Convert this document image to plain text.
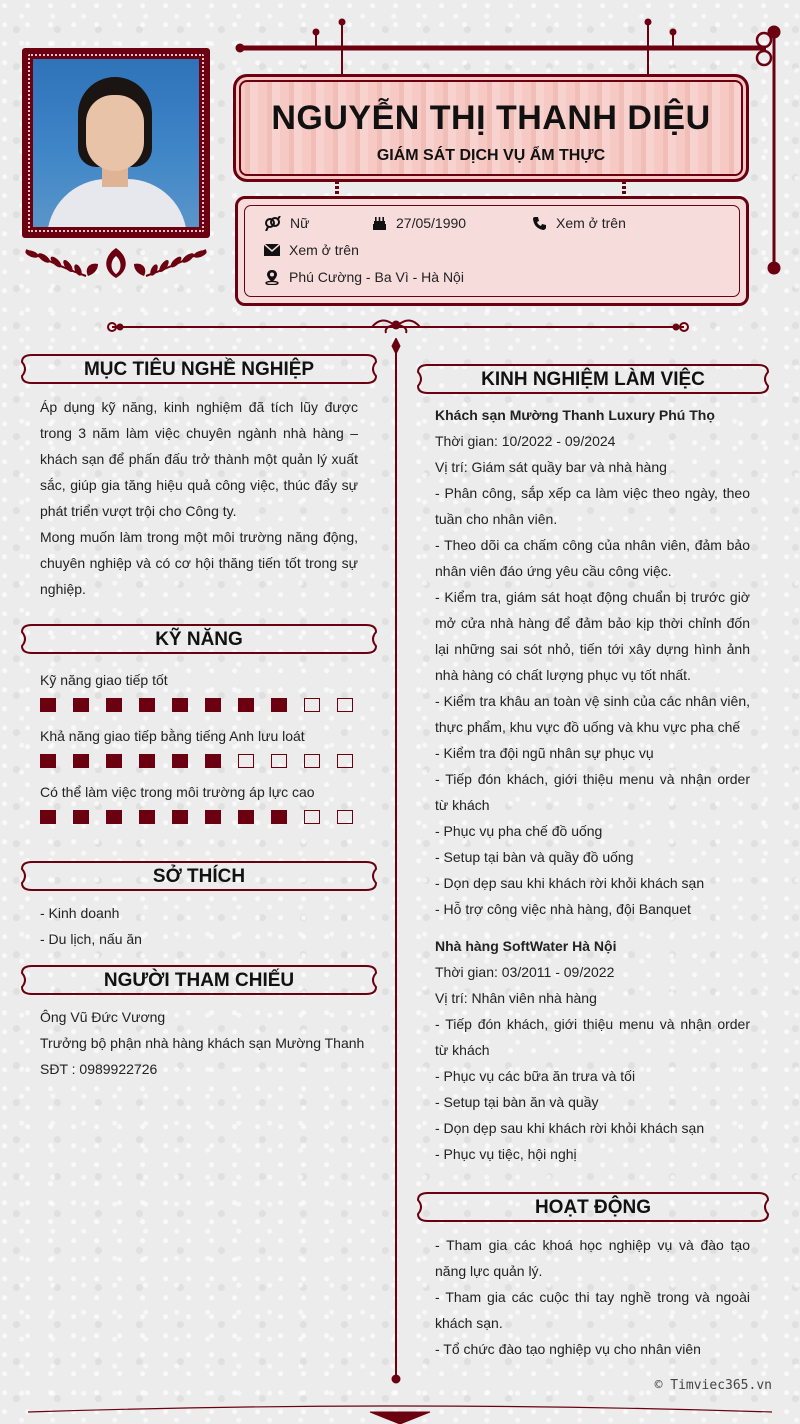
NGUYỄN THỊ THANH DIỆU
GIÁM SÁT DỊCH VỤ ẨM THỰC
Nữ	27/05/1990	Xem ở trên
Xem ở trên
Phú Cường - Ba Vì - Hà Nội
MỤC TIÊU NGHỀ NGHIỆP
Áp dụng kỹ năng, kinh nghiệm đã tích lũy được trong 3 năm làm việc chuyên ngành nhà hàng – khách sạn để phấn đấu trở thành một quản lý xuất sắc, giúp gia tăng hiệu quả công việc, thúc đẩy sự phát triển vượt trội cho Công ty.
Mong muốn làm trong một môi trường năng động, chuyên nghiệp và có cơ hội thăng tiến tốt trong sự nghiệp.
KỸ NĂNG
Kỹ năng giao tiếp tốt
Khả năng giao tiếp bằng tiếng Anh lưu loát
Có thể làm việc trong môi trường áp lực cao
SỞ THÍCH
- Kinh doanh
- Du lịch, nấu ăn
NGƯỜI THAM CHIẾU
Ông Vũ Đức Vương
Trưởng bộ phận nhà hàng khách sạn Mường Thanh
SĐT : 0989922726
KINH NGHIỆM LÀM VIỆC
Khách sạn Mường Thanh Luxury Phú Thọ
Thời gian: 10/2022 - 09/2024
Vị trí: Giám sát quầy bar và nhà hàng
- Phân công, sắp xếp ca làm việc theo ngày, theo tuần cho nhân viên.
- Theo dõi ca chấm công của nhân viên, đảm bảo nhân viên đáo ứng yêu cầu công việc.
- Kiểm tra, giám sát hoạt động chuẩn bị trước giờ mở cửa nhà hàng để đảm bảo kịp thời chỉnh đốn lại những sai sót nhỏ, tiến tới xây dựng hình ảnh nhà hàng có chất lượng phục vụ tốt nhất.
- Kiểm tra khâu an toàn vệ sinh của các nhân viên, thực phẩm, khu vực đồ uống và khu vực pha chế
- Kiểm tra đội ngũ nhân sự phục vụ
- Tiếp đón khách, giới thiệu menu và nhận order từ khách
- Phục vụ pha chế đồ uống
- Setup tại bàn và quầy đồ uống
- Dọn dẹp sau khi khách rời khỏi khách sạn
- Hỗ trợ công việc nhà hàng, đội Banquet
Nhà hàng SoftWater Hà Nội
Thời gian: 03/2011 - 09/2022
Vị trí: Nhân viên nhà hàng
- Tiếp đón khách, giới thiệu menu và nhận order từ khách
- Phục vụ các bữa ăn trưa và tối
- Setup tại bàn ăn và quầy
- Dọn dẹp sau khi khách rời khỏi khách sạn
- Phục vụ tiệc, hội nghị
HOẠT ĐỘNG
- Tham gia các khoá học nghiệp vụ và đào tạo năng lực quản lý.
- Tham gia các cuộc thi tay nghề trong và ngoài khách sạn.
- Tổ chức đào tạo nghiệp vụ cho nhân viên
© Timviec365.vn
